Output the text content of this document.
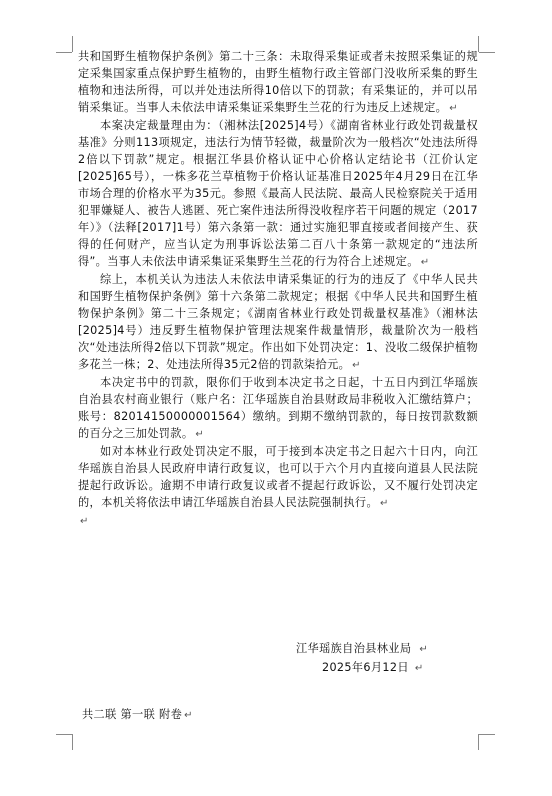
共和国野生植物保护条例》第二十三条：未取得采集证或者未按照采集证的规定采集国家重点保护野生植物的，由野生植物行政主管部门没收所采集的野生植物和违法所得，可以并处违法所得10倍以下的罚款；有采集证的，并可以吊销采集证。当事人未依法申请采集证采集野生兰花的行为违反上述规定。 ↵

本案决定裁量理由为：（湘林法[2025]4号）《湖南省林业行政处罚裁量权基准》分则113项规定，违法行为情节轻微，裁量阶次为一般档次“处违法所得2倍以下罚款”规定。根据江华县价格认证中心价格认定结论书（江价认定[2025]65号），一株多花兰草植物于价格认证基准日2025年4月29日在江华市场合理的价格水平为35元。参照《最高人民法院、最高人民检察院关于适用犯罪嫌疑人、被告人逃匿、死亡案件违法所得没收程序若干问题的规定（2017年）》（法释[2017]1号）第六条第一款：通过实施犯罪直接或者间接产生、获得的任何财产，应当认定为刑事诉讼法第二百八十条第一款规定的“违法所得”。当事人未依法申请采集证采集野生兰花的行为符合上述规定。 ↵

综上，本机关认为违法人未依法申请采集证的行为的违反了《中华人民共和国野生植物保护条例》第十六条第二款规定；根据《中华人民共和国野生植物保护条例》第二十三条规定；《湖南省林业行政处罚裁量权基准》（湘林法[2025]4号）违反野生植物保护管理法规案件裁量情形，裁量阶次为一般档次“处违法所得2倍以下罚款”规定。作出如下处罚决定：1、没收二级保护植物多花兰一株；2、处违法所得35元2倍的罚款柒拾元。 ↵

本决定书中的罚款，限你们于收到本决定书之日起，十五日内到江华瑶族自治县农村商业银行（账户名：江华瑶族自治县财政局非税收入汇缴结算户；账号：82014150000001564）缴纳。到期不缴纳罚款的，每日按罚款数额的百分之三加处罚款。 ↵

如对本林业行政处罚决定不服，可于接到本决定书之日起六十日内，向江华瑶族自治县人民政府申请行政复议，也可以于六个月内直接向道县人民法院提起行政诉讼。逾期不申请行政复议或者不提起行政诉讼，又不履行处罚决定的，本机关将依法申请江华瑶族自治县人民法院强制执行。 ↵

↵

江华瑶族自治县林业局 ↵
2025年6月12日 ↵
共二联 第一联 附卷 ↵
